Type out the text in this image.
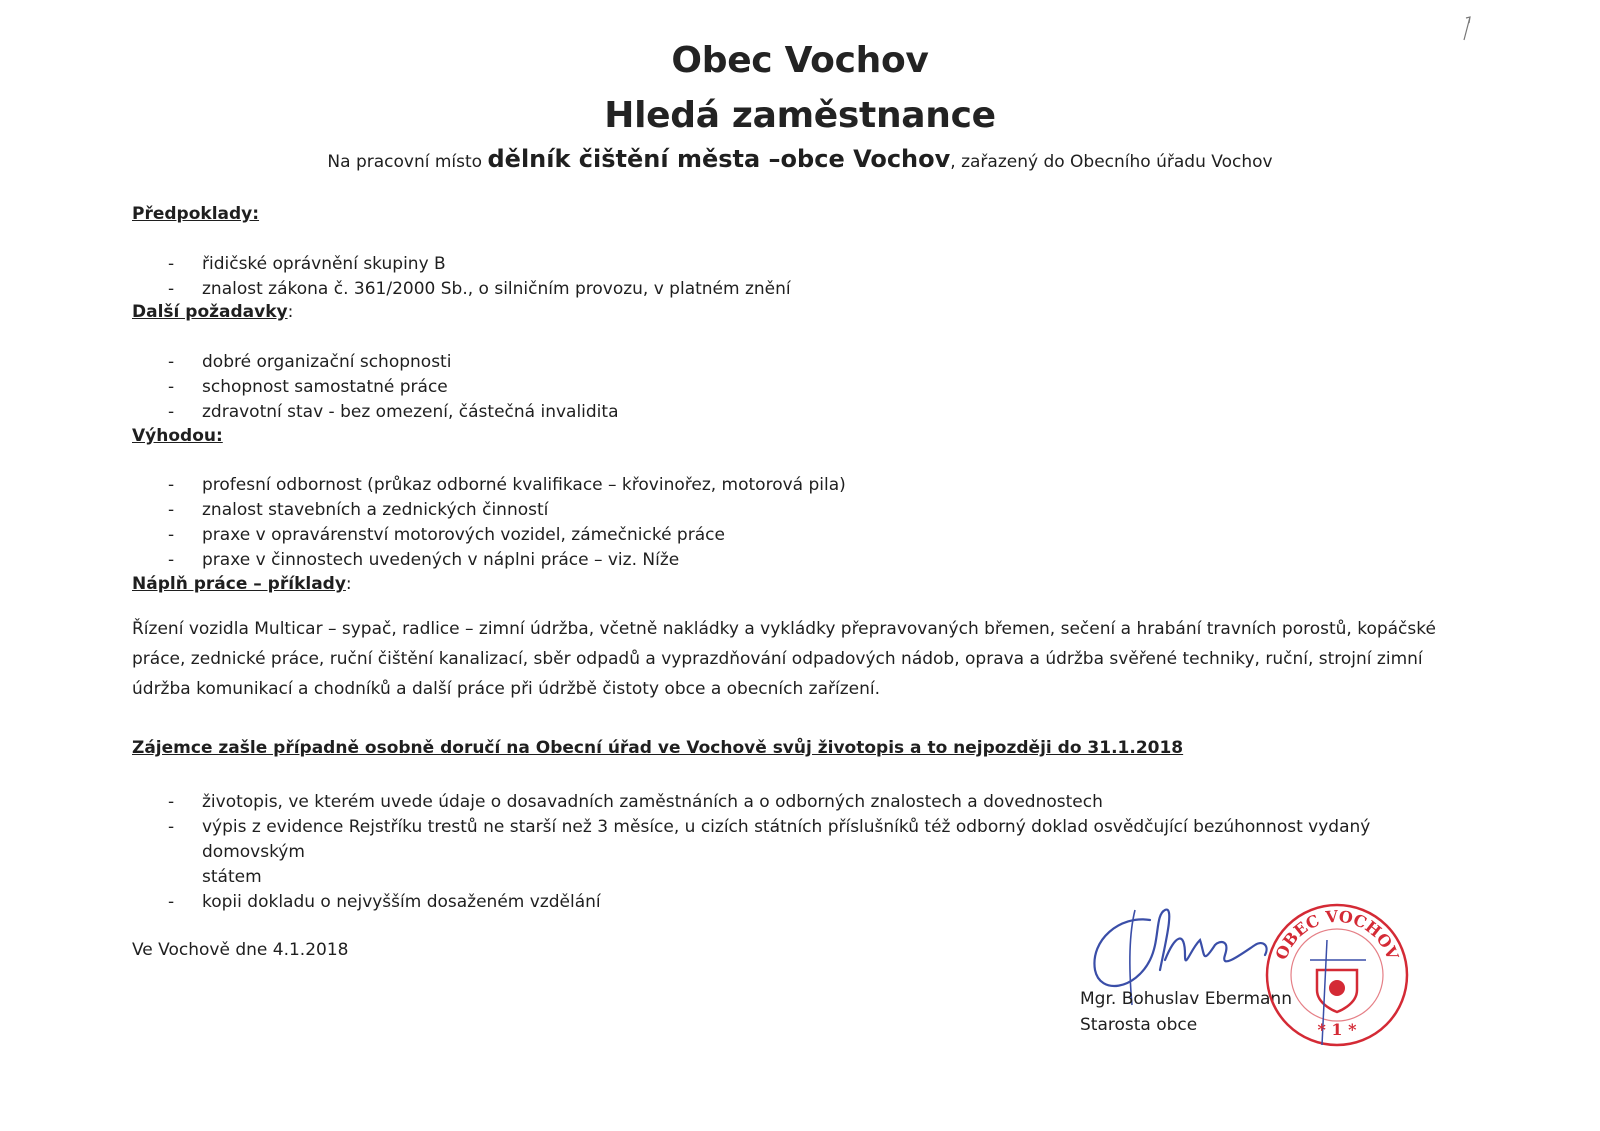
Obec Vochov
Hledá zaměstnance

Na pracovní místo dělník čištění města –obce Vochov, zařazený do Obecního úřadu Vochov

Předpoklady:

- řidičské oprávnění skupiny B
- znalost zákona č. 361/2000 Sb., o silničním provozu, v platném znění

Další požadavky:

- dobré organizační schopnosti
- schopnost samostatné práce
- zdravotní stav - bez omezení, částečná invalidita

Výhodou:

- profesní odbornost (průkaz odborné kvalifikace – křovinořez, motorová pila)
- znalost stavebních a zednických činností
- praxe v opravárenství motorových vozidel, zámečnické práce
- praxe v činnostech uvedených v náplni práce – viz. Níže

Náplň práce – příklady:

Řízení vozidla Multicar – sypač, radlice – zimní údržba, včetně nakládky a vykládky přepravovaných břemen, sečení a hrabání travních porostů, kopáčské
práce, zednické práce, ruční čištění kanalizací, sběr odpadů a vyprazdňování odpadových nádob, oprava a údržba svěřené techniky, ruční, strojní zimní
údržba komunikací a chodníků a další práce při údržbě čistoty obce a obecních zařízení.

Zájemce zašle případně osobně doručí na Obecní úřad ve Vochově svůj životopis a to nejpozději do 31.1.2018

- životopis, ve kterém uvede údaje o dosavadních zaměstnáních a o odborných znalostech a dovednostech
- výpis z evidence Rejstříku trestů ne starší než 3 měsíce, u cizích státních příslušníků též odborný doklad osvědčující bezúhonnost vydaný domovským
státem
- kopii dokladu o nejvyšším dosaženém vzdělání

Ve Vochově dne 4.1.2018

Mgr. Bohuslav Ebermann
Starosta obce
OBEC VOCHOV
* 1 *
